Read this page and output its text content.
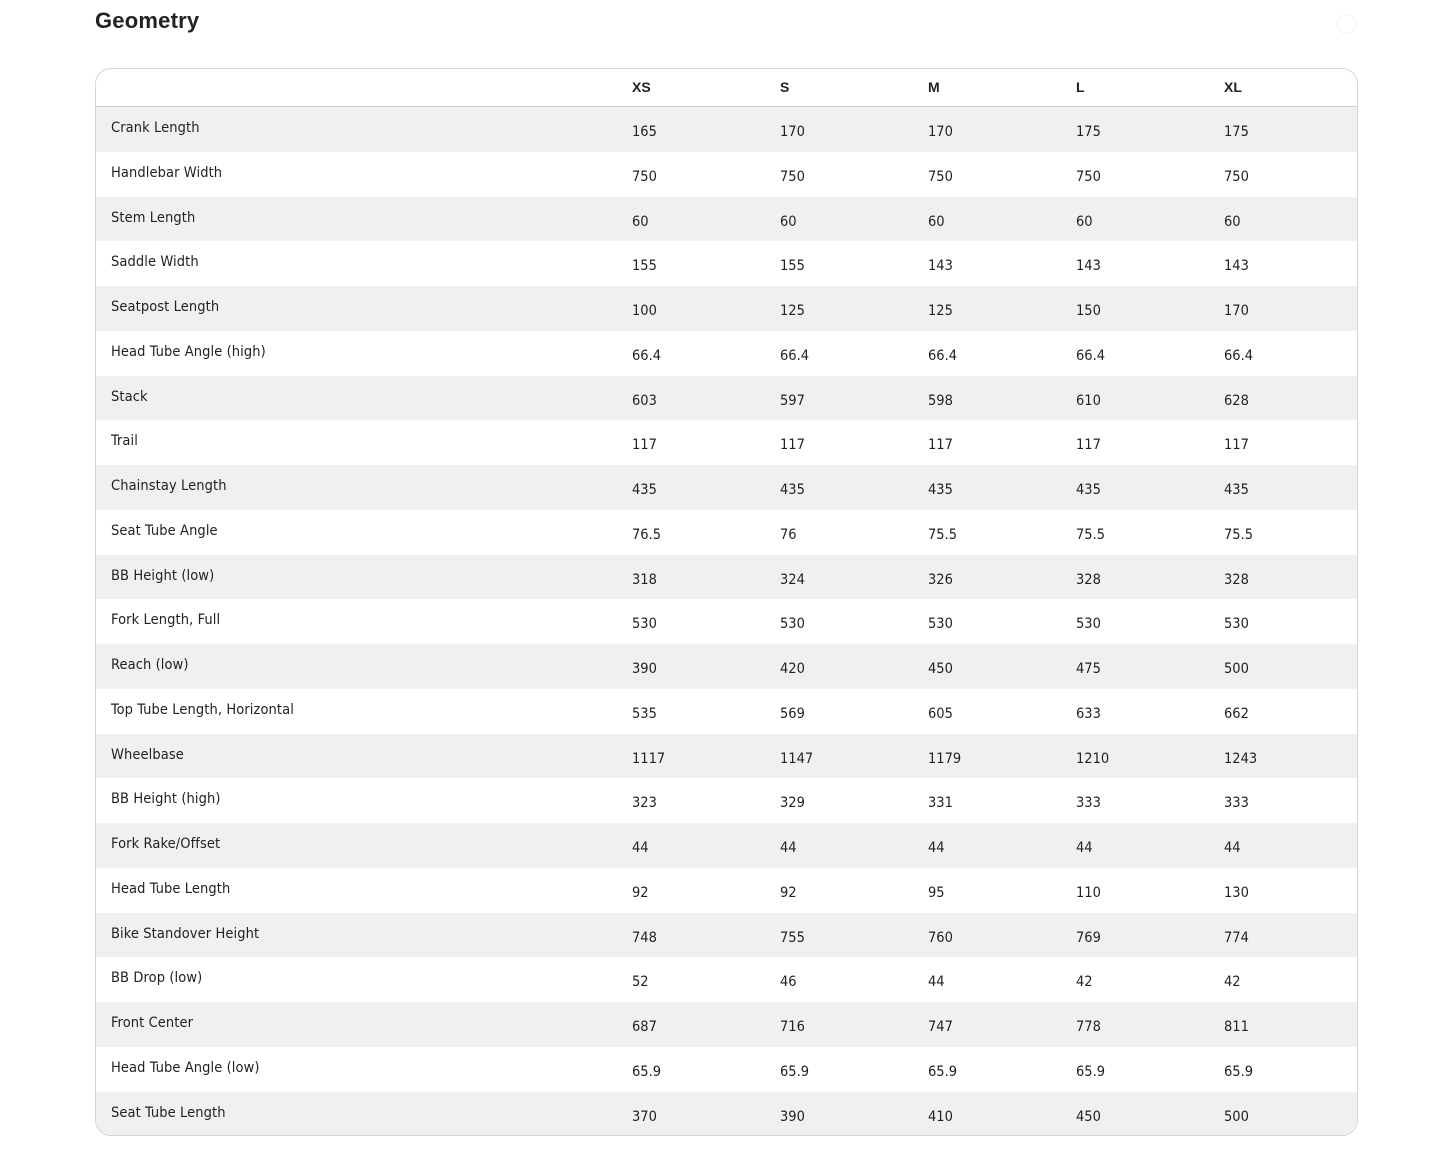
Geometry
XS	S	M	L	XL
Crank Length	165	170	170	175	175
Handlebar Width	750	750	750	750	750
Stem Length	60	60	60	60	60
Saddle Width	155	155	143	143	143
Seatpost Length	100	125	125	150	170
Head Tube Angle (high)	66.4	66.4	66.4	66.4	66.4
Stack	603	597	598	610	628
Trail	117	117	117	117	117
Chainstay Length	435	435	435	435	435
Seat Tube Angle	76.5	76	75.5	75.5	75.5
BB Height (low)	318	324	326	328	328
Fork Length, Full	530	530	530	530	530
Reach (low)	390	420	450	475	500
Top Tube Length, Horizontal	535	569	605	633	662
Wheelbase	1117	1147	1179	1210	1243
BB Height (high)	323	329	331	333	333
Fork Rake/Offset	44	44	44	44	44
Head Tube Length	92	92	95	110	130
Bike Standover Height	748	755	760	769	774
BB Drop (low)	52	46	44	42	42
Front Center	687	716	747	778	811
Head Tube Angle (low)	65.9	65.9	65.9	65.9	65.9
Seat Tube Length	370	390	410	450	500
